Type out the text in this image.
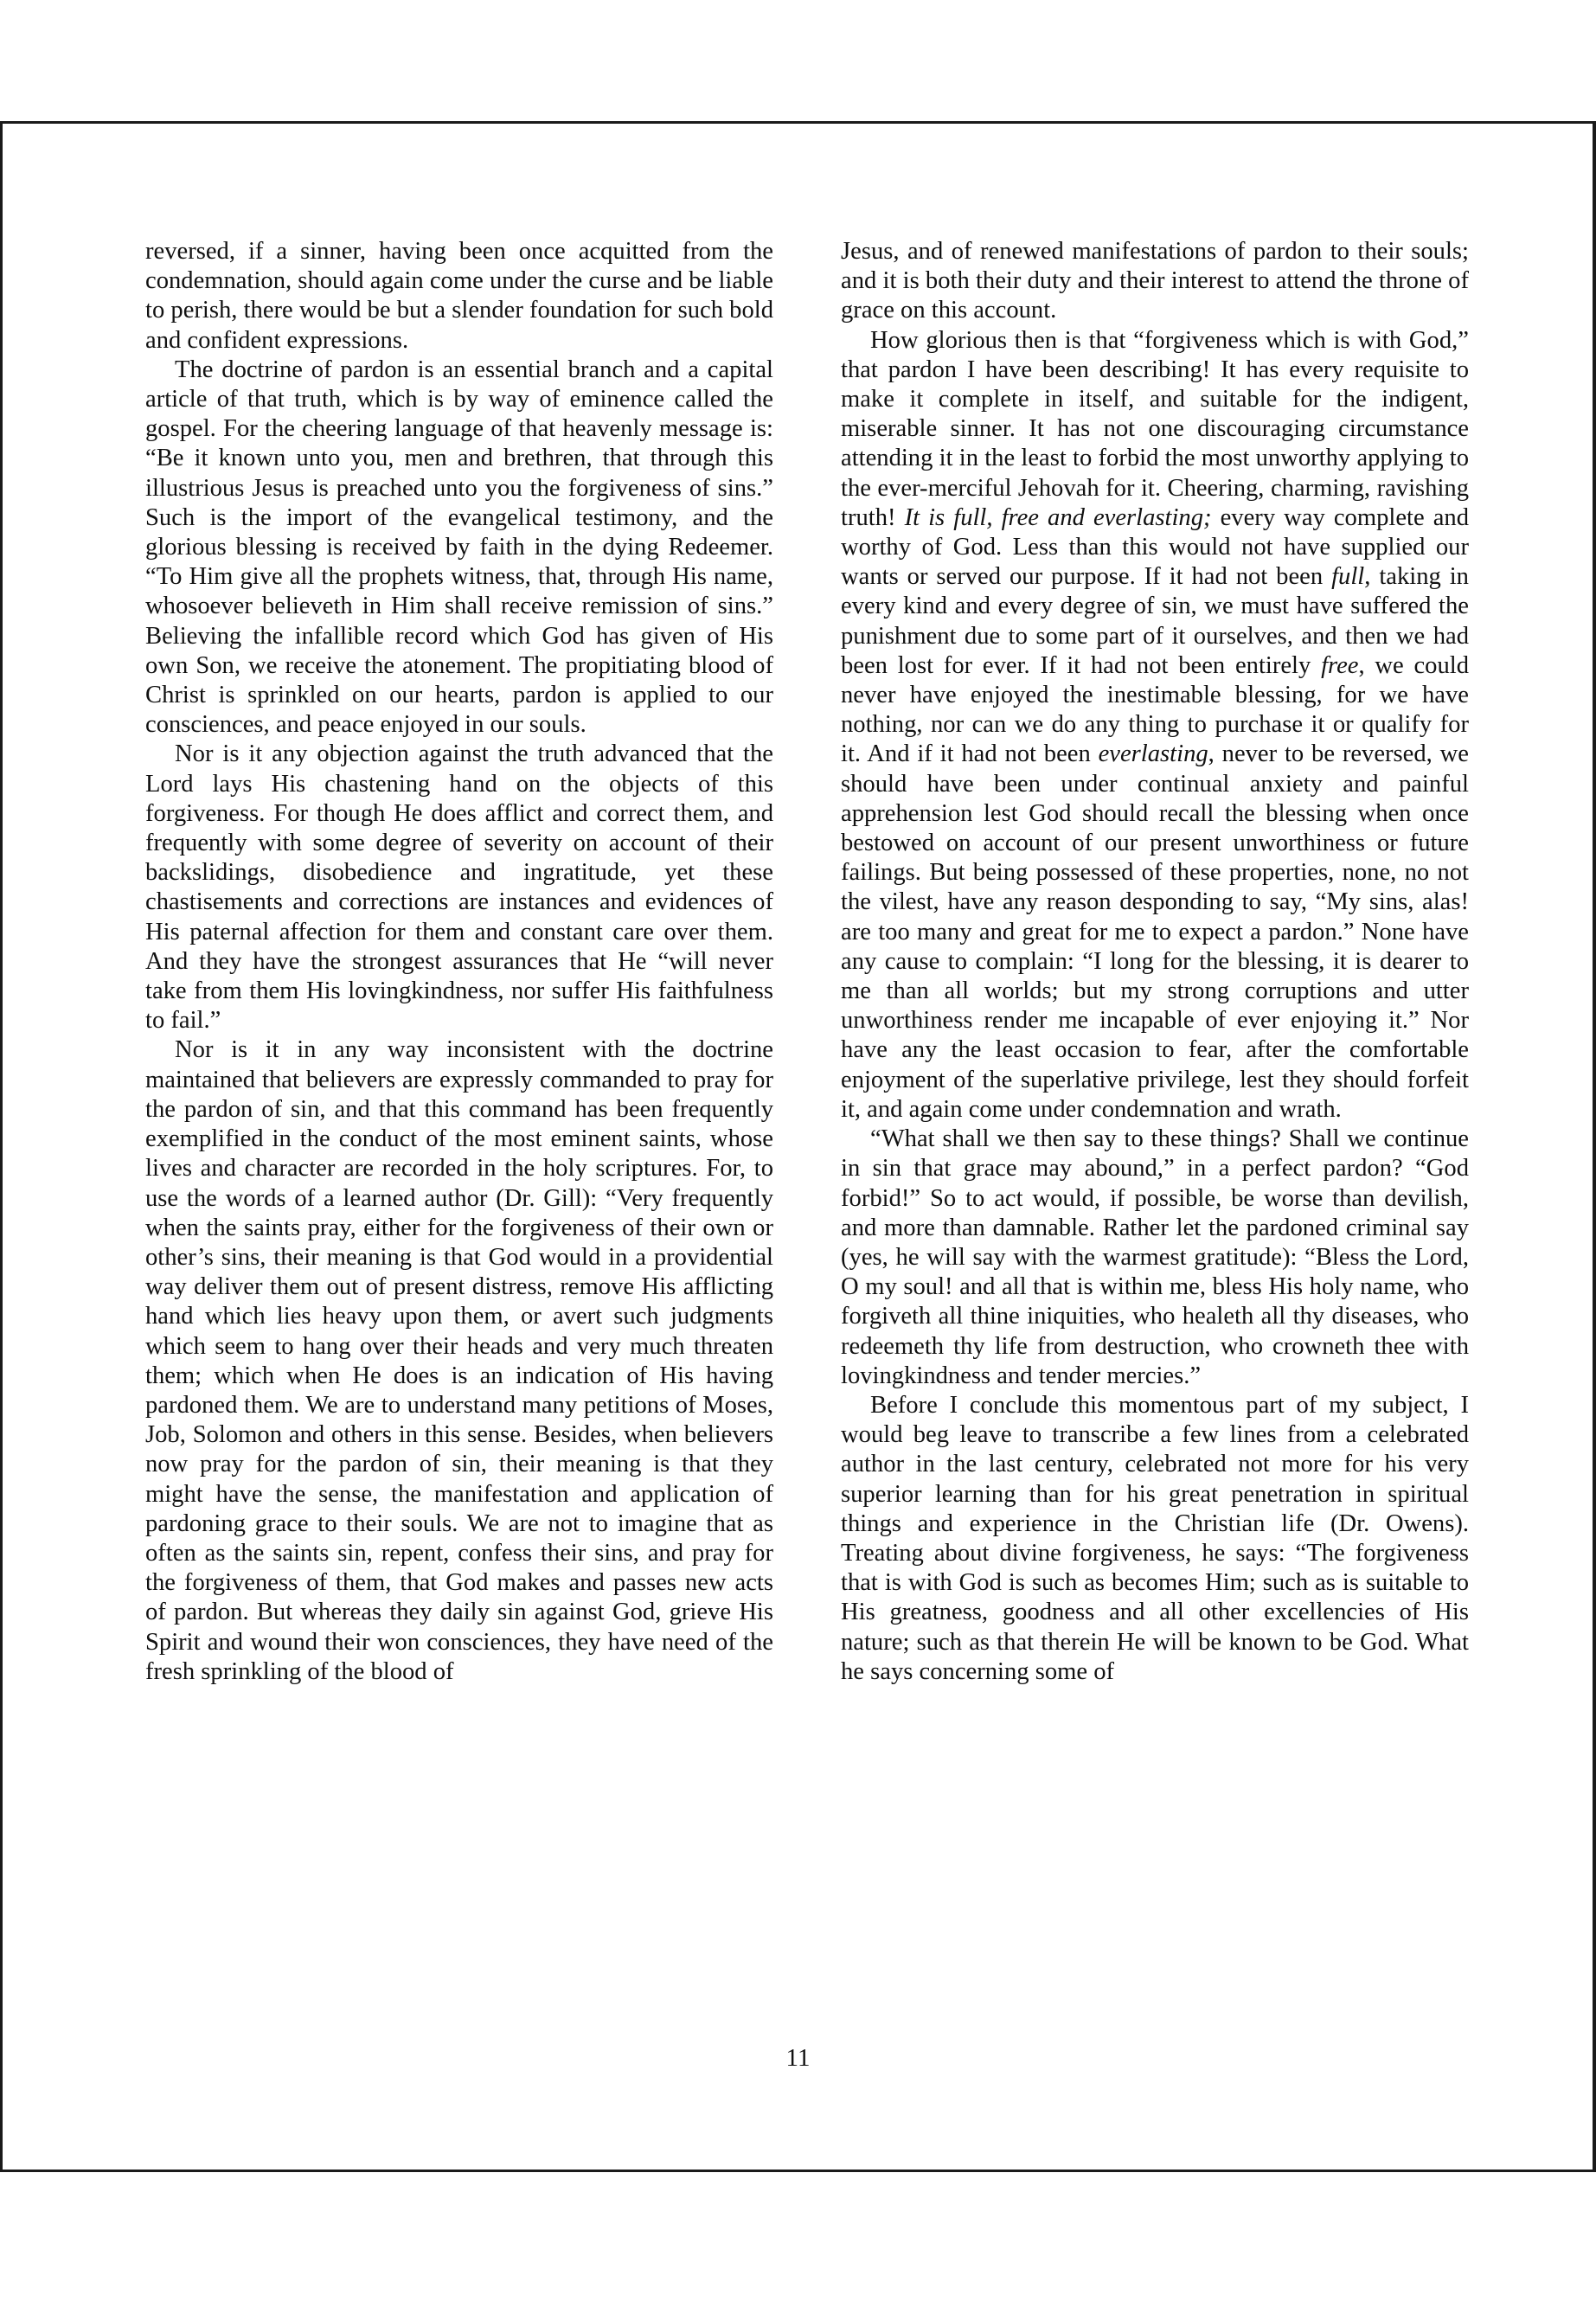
reversed, if a sinner, having been once acquitted from the condemnation, should again come under the curse and be liable to perish, there would be but a slender foundation for such bold and confident expressions.

The doctrine of pardon is an essential branch and a capital article of that truth, which is by way of eminence called the gospel. For the cheering language of that heavenly message is: “Be it known unto you, men and brethren, that through this illustrious Jesus is preached unto you the forgiveness of sins.” Such is the import of the evangelical testimony, and the glorious blessing is received by faith in the dying Redeemer. “To Him give all the prophets witness, that, through His name, whosoever believeth in Him shall receive remission of sins.” Believing the infallible record which God has given of His own Son, we receive the atonement. The propitiating blood of Christ is sprinkled on our hearts, pardon is applied to our consciences, and peace enjoyed in our souls.

Nor is it any objection against the truth advanced that the Lord lays His chastening hand on the objects of this forgiveness. For though He does afflict and correct them, and frequently with some degree of severity on account of their backslidings, disobedience and ingratitude, yet these chastisements and corrections are instances and evidences of His paternal affection for them and constant care over them. And they have the strongest assurances that He “will never take from them His lovingkindness, nor suffer His faithfulness to fail.”

Nor is it in any way inconsistent with the doctrine maintained that believers are expressly commanded to pray for the pardon of sin, and that this command has been frequently exemplified in the conduct of the most eminent saints, whose lives and character are recorded in the holy scriptures. For, to use the words of a learned author (Dr. Gill): “Very frequently when the saints pray, either for the forgiveness of their own or other’s sins, their meaning is that God would in a providential way deliver them out of present distress, remove His afflicting hand which lies heavy upon them, or avert such judgments which seem to hang over their heads and very much threaten them; which when He does is an indication of His having pardoned them. We are to understand many petitions of Moses, Job, Solomon and others in this sense. Besides, when believers now pray for the pardon of sin, their meaning is that they might have the sense, the manifestation and application of pardoning grace to their souls. We are not to imagine that as often as the saints sin, repent, confess their sins, and pray for the forgiveness of them, that God makes and passes new acts of pardon. But whereas they daily sin against God, grieve His Spirit and wound their won consciences, they have need of the fresh sprinkling of the blood of

Jesus, and of renewed manifestations of pardon to their souls; and it is both their duty and their interest to attend the throne of grace on this account.

How glorious then is that “forgiveness which is with God,” that pardon I have been describing! It has every requisite to make it complete in itself, and suitable for the indigent, miserable sinner. It has not one discouraging circumstance attending it in the least to forbid the most unworthy applying to the ever-merciful Jehovah for it. Cheering, charming, ravishing truth! It is full, free and everlasting; every way complete and worthy of God. Less than this would not have supplied our wants or served our purpose. If it had not been full, taking in every kind and every degree of sin, we must have suffered the punishment due to some part of it ourselves, and then we had been lost for ever. If it had not been entirely free, we could never have enjoyed the inestimable blessing, for we have nothing, nor can we do any thing to purchase it or qualify for it. And if it had not been everlasting, never to be reversed, we should have been under continual anxiety and painful apprehension lest God should recall the blessing when once bestowed on account of our present unworthiness or future failings. But being possessed of these properties, none, no not the vilest, have any reason desponding to say, “My sins, alas! are too many and great for me to expect a pardon.” None have any cause to complain: “I long for the blessing, it is dearer to me than all worlds; but my strong corruptions and utter unworthiness render me incapable of ever enjoying it.” Nor have any the least occasion to fear, after the comfortable enjoyment of the superlative privilege, lest they should forfeit it, and again come under condemnation and wrath.

“What shall we then say to these things? Shall we continue in sin that grace may abound,” in a perfect pardon? “God forbid!” So to act would, if possible, be worse than devilish, and more than damnable. Rather let the pardoned criminal say (yes, he will say with the warmest gratitude): “Bless the Lord, O my soul! and all that is within me, bless His holy name, who forgiveth all thine iniquities, who healeth all thy diseases, who redeemeth thy life from destruction, who crowneth thee with lovingkindness and tender mercies.”

Before I conclude this momentous part of my subject, I would beg leave to transcribe a few lines from a celebrated author in the last century, celebrated not more for his very superior learning than for his great penetration in spiritual things and experience in the Christian life (Dr. Owens). Treating about divine forgiveness, he says: “The forgiveness that is with God is such as becomes Him; such as is suitable to His greatness, goodness and all other excellencies of His nature; such as that therein He will be known to be God. What he says concerning some of

11
